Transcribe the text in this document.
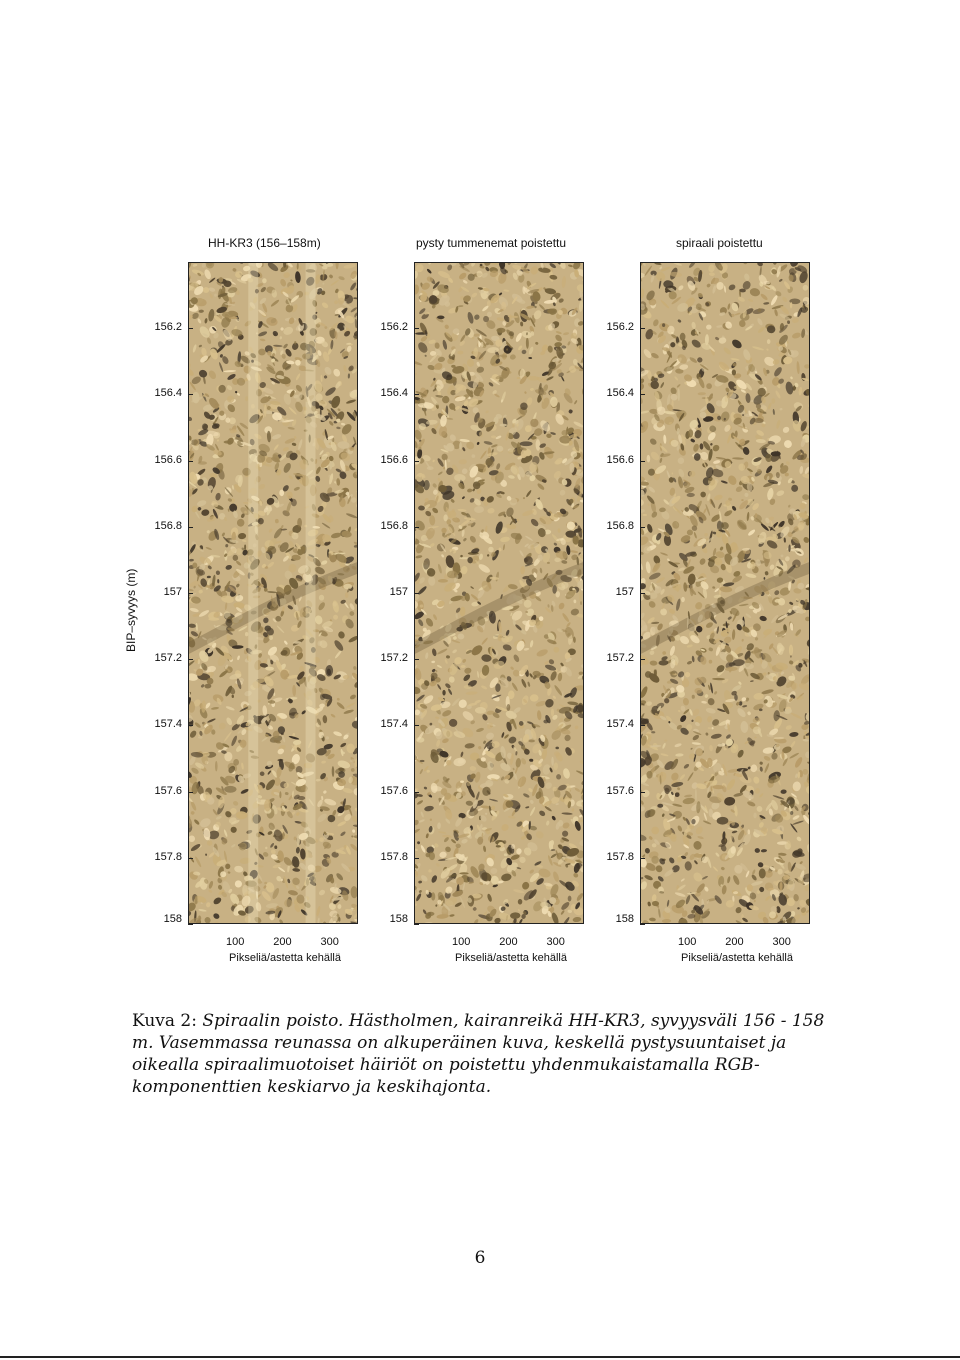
BIP–syvyys (m)
HH-KR3 (156–158m)	pysty tummenemat poistettu	spiraali poistettu
156.2
156.4
156.6
156.8
157
157.2
157.4
157.6
157.8
158
100	200	300
Pikseliä/astetta kehällä
156.2
156.4
156.6
156.8
157
157.2
157.4
157.6
157.8
158
100	200	300
Pikseliä/astetta kehällä
156.2
156.4
156.6
156.8
157
157.2
157.4
157.6
157.8
158
100	200	300
Pikseliä/astetta kehällä
Kuva 2: Spiraalin poisto. Hästholmen, kairanreikä HH-KR3, syvyysväli 156 - 158 m. Vasemmassa reunassa on alkuperäinen kuva, keskellä pystysuuntaiset ja oikealla spiraalimuotoiset häiriöt on poistettu yhdenmukaistamalla RGB-komponenttien keskiarvo ja keskihajonta.
6
